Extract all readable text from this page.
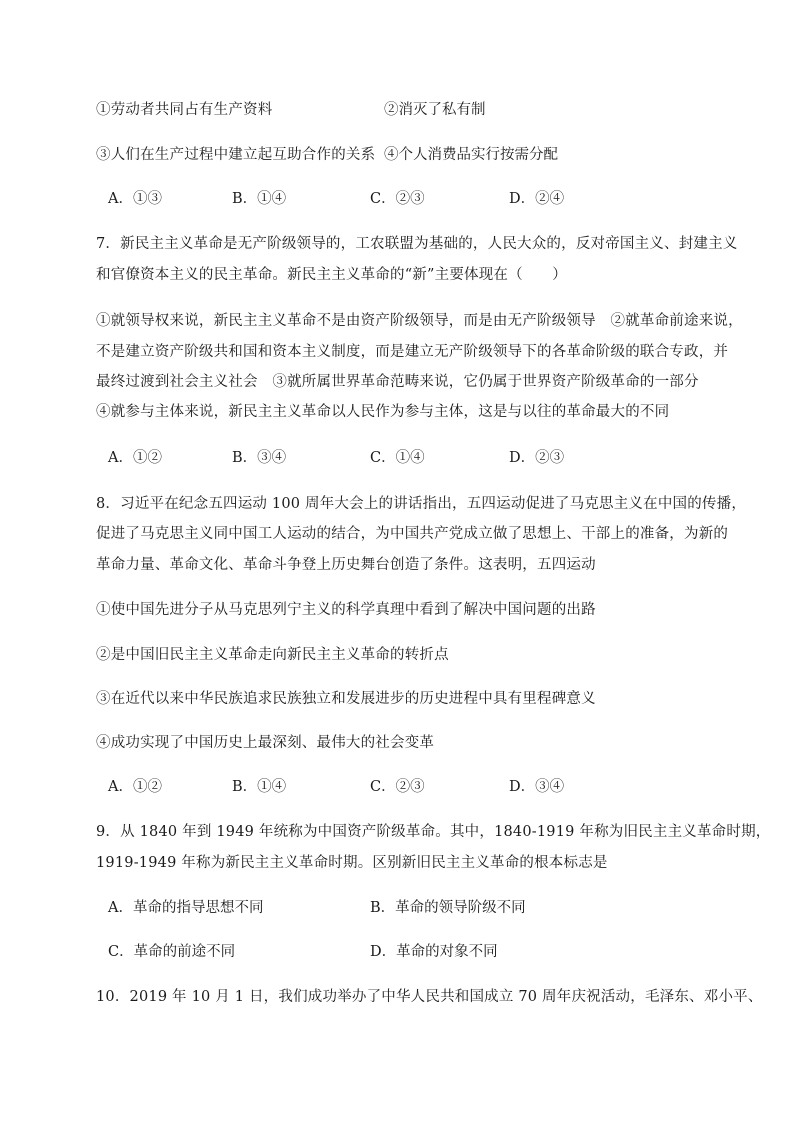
①劳动者共同占有生产资料	②消灭了私有制
③人们在生产过程中建立起互助合作的关系 ④个人消费品实行按需分配
A．①③	B．①④	C．②③	D．②④
7．新民主主义革命是无产阶级领导的，工农联盟为基础的，人民大众的，反对帝国主义、封建主义
和官僚资本主义的民主革命。新民主主义革命的“新”主要体现在（　　）
①就领导权来说，新民主主义革命不是由资产阶级领导，而是由无产阶级领导　②就革命前途来说，
不是建立资产阶级共和国和资本主义制度，而是建立无产阶级领导下的各革命阶级的联合专政，并
最终过渡到社会主义社会　③就所属世界革命范畴来说，它仍属于世界资产阶级革命的一部分
④就参与主体来说，新民主主义革命以人民作为参与主体，这是与以往的革命最大的不同
A．①②	B．③④	C．①④	D．②③
8．习近平在纪念五四运动 100 周年大会上的讲话指出，五四运动促进了马克思主义在中国的传播，
促进了马克思主义同中国工人运动的结合，为中国共产党成立做了思想上、干部上的准备，为新的
革命力量、革命文化、革命斗争登上历史舞台创造了条件。这表明，五四运动
①使中国先进分子从马克思列宁主义的科学真理中看到了解决中国问题的出路
②是中国旧民主主义革命走向新民主主义革命的转折点
③在近代以来中华民族追求民族独立和发展进步的历史进程中具有里程碑意义
④成功实现了中国历史上最深刻、最伟大的社会变革
A．①②	B．①④	C．②③	D．③④
9．从 1840 年到 1949 年统称为中国资产阶级革命。其中，1840-1919 年称为旧民主主义革命时期，
1919-1949 年称为新民主主义革命时期。区别新旧民主主义革命的根本标志是
A．革命的指导思想不同	B．革命的领导阶级不同
C．革命的前途不同	D．革命的对象不同
10．2019 年 10 月 1 日，我们成功举办了中华人民共和国成立 70 周年庆祝活动，毛泽东、邓小平、
